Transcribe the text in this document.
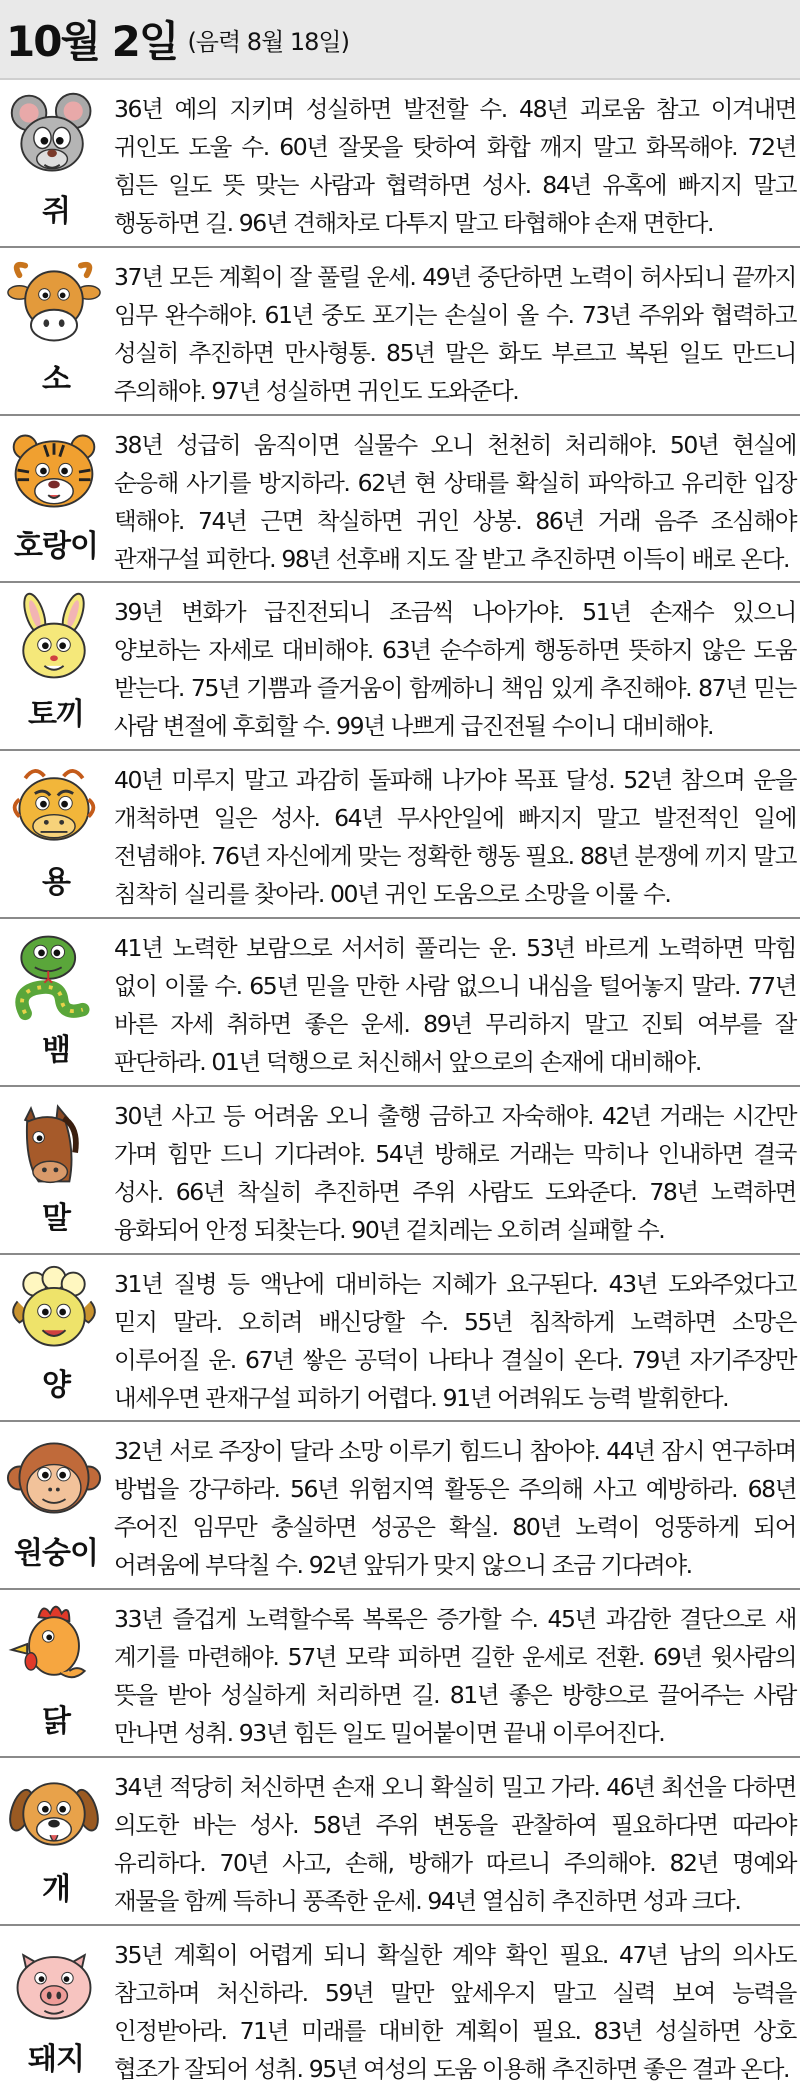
10월 2일 (음력 8월 18일)
쥐
36년 예의 지키며 성실하면 발전할 수. 48년 괴로움 참고 이겨내면 귀인도 도울 수. 60년 잘못을 탓하여 화합 깨지 말고 화목해야. 72년 힘든 일도 뜻 맞는 사람과 협력하면 성사. 84년 유혹에 빠지지 말고 행동하면 길. 96년 견해차로 다투지 말고 타협해야 손재 면한다.
소
37년 모든 계획이 잘 풀릴 운세. 49년 중단하면 노력이 허사되니 끝까지 임무 완수해야. 61년 중도 포기는 손실이 올 수. 73년 주위와 협력하고 성실히 추진하면 만사형통. 85년 말은 화도 부르고 복된 일도 만드니 주의해야. 97년 성실하면 귀인도 도와준다.
호랑이
38년 성급히 움직이면 실물수 오니 천천히 처리해야. 50년 현실에 순응해 사기를 방지하라. 62년 현 상태를 확실히 파악하고 유리한 입장 택해야. 74년 근면 착실하면 귀인 상봉. 86년 거래 음주 조심해야 관재구설 피한다. 98년 선후배 지도 잘 받고 추진하면 이득이 배로 온다.
토끼
39년 변화가 급진전되니 조금씩 나아가야. 51년 손재수 있으니 양보하는 자세로 대비해야. 63년 순수하게 행동하면 뜻하지 않은 도움 받는다. 75년 기쁨과 즐거움이 함께하니 책임 있게 추진해야. 87년 믿는 사람 변절에 후회할 수. 99년 나쁘게 급진전될 수이니 대비해야.
용
40년 미루지 말고 과감히 돌파해 나가야 목표 달성. 52년 참으며 운을 개척하면 일은 성사. 64년 무사안일에 빠지지 말고 발전적인 일에 전념해야. 76년 자신에게 맞는 정확한 행동 필요. 88년 분쟁에 끼지 말고 침착히 실리를 찾아라. 00년 귀인 도움으로 소망을 이룰 수.
뱀
41년 노력한 보람으로 서서히 풀리는 운. 53년 바르게 노력하면 막힘 없이 이룰 수. 65년 믿을 만한 사람 없으니 내심을 털어놓지 말라. 77년 바른 자세 취하면 좋은 운세. 89년 무리하지 말고 진퇴 여부를 잘 판단하라. 01년 덕행으로 처신해서 앞으로의 손재에 대비해야.
말
30년 사고 등 어려움 오니 출행 금하고 자숙해야. 42년 거래는 시간만 가며 힘만 드니 기다려야. 54년 방해로 거래는 막히나 인내하면 결국 성사. 66년 착실히 추진하면 주위 사람도 도와준다. 78년 노력하면 융화되어 안정 되찾는다. 90년 겉치레는 오히려 실패할 수.
양
31년 질병 등 액난에 대비하는 지혜가 요구된다. 43년 도와주었다고 믿지 말라. 오히려 배신당할 수. 55년 침착하게 노력하면 소망은 이루어질 운. 67년 쌓은 공덕이 나타나 결실이 온다. 79년 자기주장만 내세우면 관재구설 피하기 어렵다. 91년 어려워도 능력 발휘한다.
원숭이
32년 서로 주장이 달라 소망 이루기 힘드니 참아야. 44년 잠시 연구하며 방법을 강구하라. 56년 위험지역 활동은 주의해 사고 예방하라. 68년 주어진 임무만 충실하면 성공은 확실. 80년 노력이 엉뚱하게 되어 어려움에 부닥칠 수. 92년 앞뒤가 맞지 않으니 조금 기다려야.
닭
33년 즐겁게 노력할수록 복록은 증가할 수. 45년 과감한 결단으로 새 계기를 마련해야. 57년 모략 피하면 길한 운세로 전환. 69년 윗사람의 뜻을 받아 성실하게 처리하면 길. 81년 좋은 방향으로 끌어주는 사람 만나면 성취. 93년 힘든 일도 밀어붙이면 끝내 이루어진다.
개
34년 적당히 처신하면 손재 오니 확실히 밀고 가라. 46년 최선을 다하면 의도한 바는 성사. 58년 주위 변동을 관찰하여 필요하다면 따라야 유리하다. 70년 사고, 손해, 방해가 따르니 주의해야. 82년 명예와 재물을 함께 득하니 풍족한 운세. 94년 열심히 추진하면 성과 크다.
돼지
35년 계획이 어렵게 되니 확실한 계약 확인 필요. 47년 남의 의사도 참고하며 처신하라. 59년 말만 앞세우지 말고 실력 보여 능력을 인정받아라. 71년 미래를 대비한 계획이 필요. 83년 성실하면 상호 협조가 잘되어 성취. 95년 여성의 도움 이용해 추진하면 좋은 결과 온다.
